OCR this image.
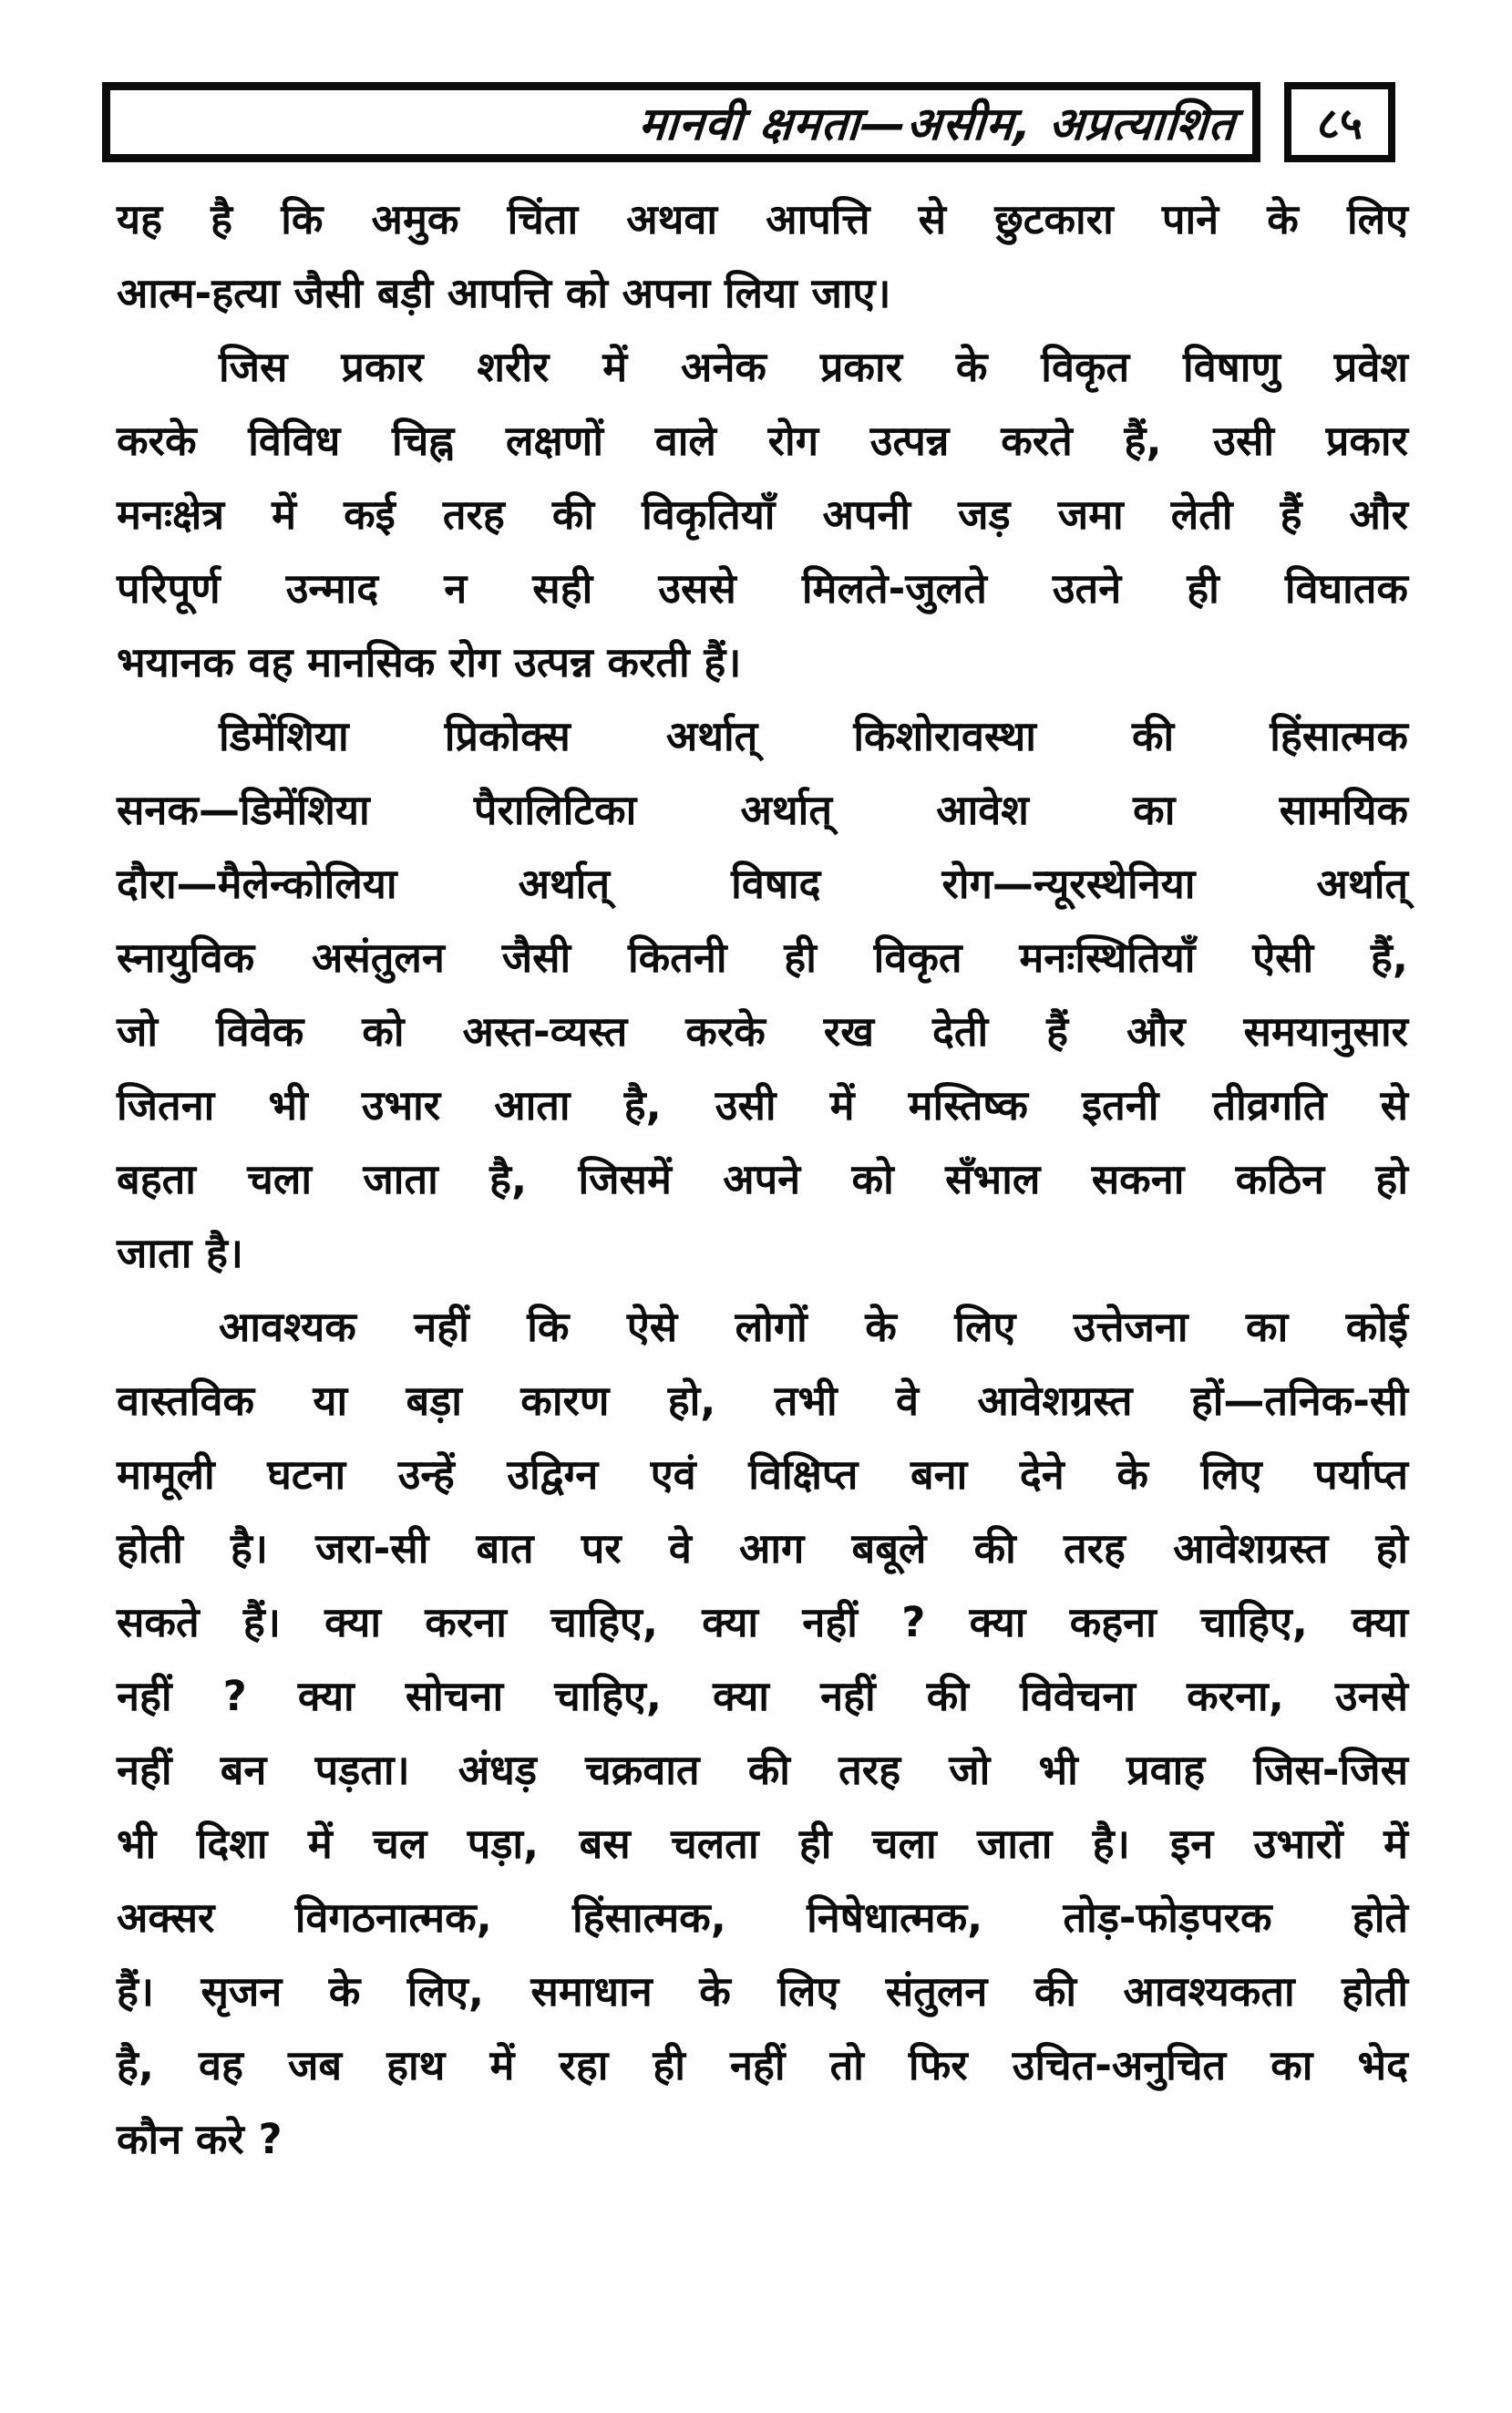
मानवी क्षमता—असीम, अप्रत्याशित ८५
यह है कि अमुक चिंता अथवा आपत्ति से छुटकारा पाने के लिए
आत्म-हत्या जैसी बड़ी आपत्ति को अपना लिया जाए।
जिस प्रकार शरीर में अनेक प्रकार के विकृत विषाणु प्रवेश
करके विविध चिह्न लक्षणों वाले रोग उत्पन्न करते हैं, उसी प्रकार
मनःक्षेत्र में कई तरह की विकृतियाँ अपनी जड़ जमा लेती हैं और
परिपूर्ण उन्माद न सही उससे मिलते-जुलते उतने ही विघातक
भयानक वह मानसिक रोग उत्पन्न करती हैं।
डिमेंशिया प्रिकोक्स अर्थात् किशोरावस्था की हिंसात्मक
सनक—डिमेंशिया पैरालिटिका अर्थात् आवेश का सामयिक
दौरा—मैलेन्कोलिया अर्थात् विषाद रोग—न्यूरस्थेनिया अर्थात्
स्नायुविक असंतुलन जैसी कितनी ही विकृत मनःस्थितियाँ ऐसी हैं,
जो विवेक को अस्त-व्यस्त करके रख देती हैं और समयानुसार
जितना भी उभार आता है, उसी में मस्तिष्क इतनी तीव्रगति से
बहता चला जाता है, जिसमें अपने को सँभाल सकना कठिन हो
जाता है।
आवश्यक नहीं कि ऐसे लोगों के लिए उत्तेजना का कोई
वास्तविक या बड़ा कारण हो, तभी वे आवेशग्रस्त हों—तनिक-सी
मामूली घटना उन्हें उद्विग्न एवं विक्षिप्त बना देने के लिए पर्याप्त
होती है। जरा-सी बात पर वे आग बबूले की तरह आवेशग्रस्त हो
सकते हैं। क्या करना चाहिए, क्या नहीं ? क्या कहना चाहिए, क्या
नहीं ? क्या सोचना चाहिए, क्या नहीं की विवेचना करना, उनसे
नहीं बन पड़ता। अंधड़ चक्रवात की तरह जो भी प्रवाह जिस-जिस
भी दिशा में चल पड़ा, बस चलता ही चला जाता है। इन उभारों में
अक्सर विगठनात्मक, हिंसात्मक, निषेधात्मक, तोड़-फोड़परक होते
हैं। सृजन के लिए, समाधान के लिए संतुलन की आवश्यकता होती
है, वह जब हाथ में रहा ही नहीं तो फिर उचित-अनुचित का भेद
कौन करे ?
